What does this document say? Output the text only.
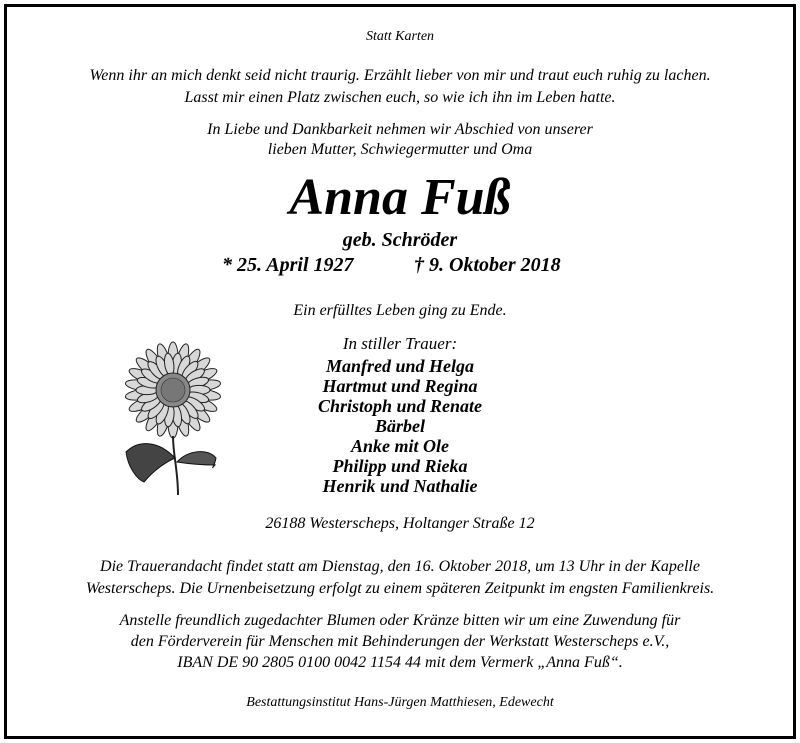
Statt Karten
Wenn ihr an mich denkt seid nicht traurig. Erzählt lieber von mir und traut euch ruhig zu lachen.
Lasst mir einen Platz zwischen euch, so wie ich ihn im Leben hatte.
In Liebe und Dankbarkeit nehmen wir Abschied von unserer
lieben Mutter, Schwiegermutter und Oma
Anna Fuß
geb. Schröder
* 25. April 1927	† 9. Oktober 2018
Ein erfülltes Leben ging zu Ende.
In stiller Trauer:
Manfred und Helga
Hartmut und Regina
Christoph und Renate
Bärbel
Anke mit Ole
Philipp und Rieka
Henrik und Nathalie
26188 Westerscheps, Holtanger Straße 12
Die Trauerandacht findet statt am Dienstag, den 16. Oktober 2018, um 13 Uhr in der Kapelle
Westerscheps. Die Urnenbeisetzung erfolgt zu einem späteren Zeitpunkt im engsten Familienkreis.
Anstelle freundlich zugedachter Blumen oder Kränze bitten wir um eine Zuwendung für
den Förderverein für Menschen mit Behinderungen der Werkstatt Westerscheps e.V.,
IBAN DE 90 2805 0100 0042 1154 44 mit dem Vermerk „Anna Fuß“.
Bestattungsinstitut Hans-Jürgen Matthiesen, Edewecht
